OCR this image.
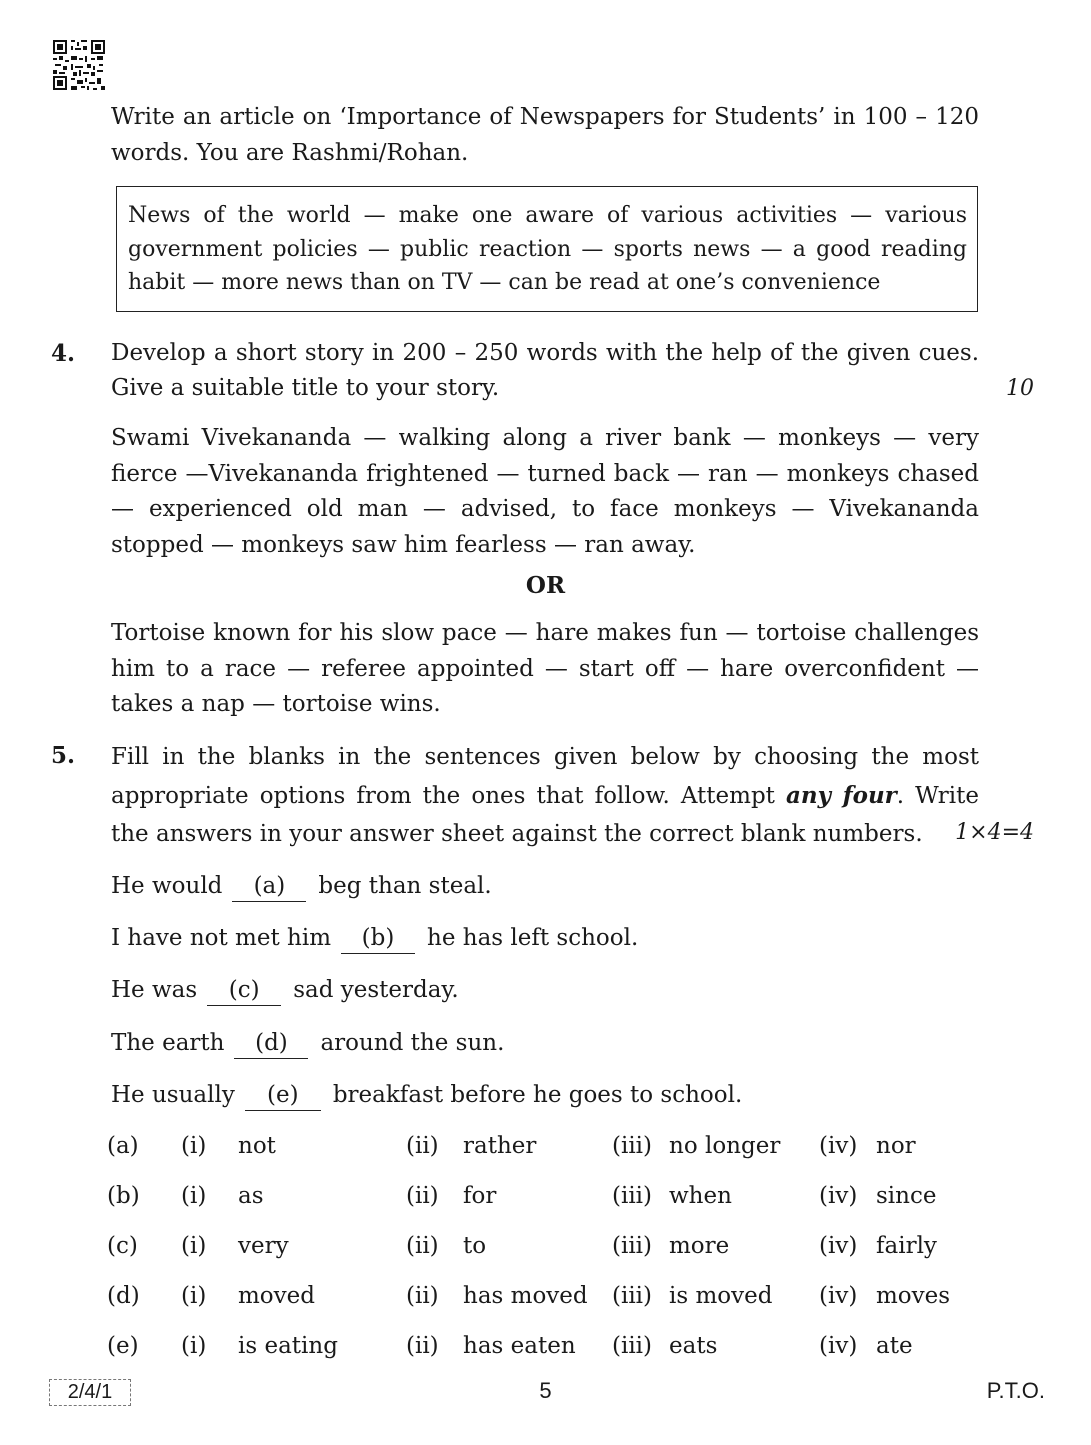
Write an article on ‘Importance of Newspapers for Students’ in 100 – 120 words. You are Rashmi/Rohan.

News of the world — make one aware of various activities — various government policies — public reaction — sports news — a good reading habit — more news than on TV — can be read at one’s convenience
4. Develop a short story in 200 – 250 words with the help of the given cues. Give a suitable title to your story.	10

Swami Vivekananda — walking along a river bank — monkeys — very fierce —Vivekananda frightened — turned back — ran — monkeys chased — experienced old man — advised, to face monkeys — Vivekananda stopped — monkeys saw him fearless — ran away.

OR

Tortoise known for his slow pace — hare makes fun — tortoise challenges him to a race — referee appointed — start off — hare overconfident — takes a nap — tortoise wins.

5. Fill in the blanks in the sentences given below by choosing the most appropriate options from the ones that follow. Attempt any four. Write the answers in your answer sheet against the correct blank numbers.	1×4=4
He would (a) beg than steal.
I have not met him (b) he has left school.
He was (c) sad yesterday.
The earth (d) around the sun.
He usually (e) breakfast before he goes to school.
(a) (i) not	(ii) rather	(iii) no longer (iv) nor
(b) (i) as	(ii) for	(iii) when	(iv) since
(c) (i) very	(ii) to	(iii) more	(iv) fairly
(d) (i) moved	(ii) has moved (iii) is moved (iv) moves
(e) (i) is eating	(ii) has eaten (iii) eats	(iv) ate
2/4/1	5	P.T.O.
